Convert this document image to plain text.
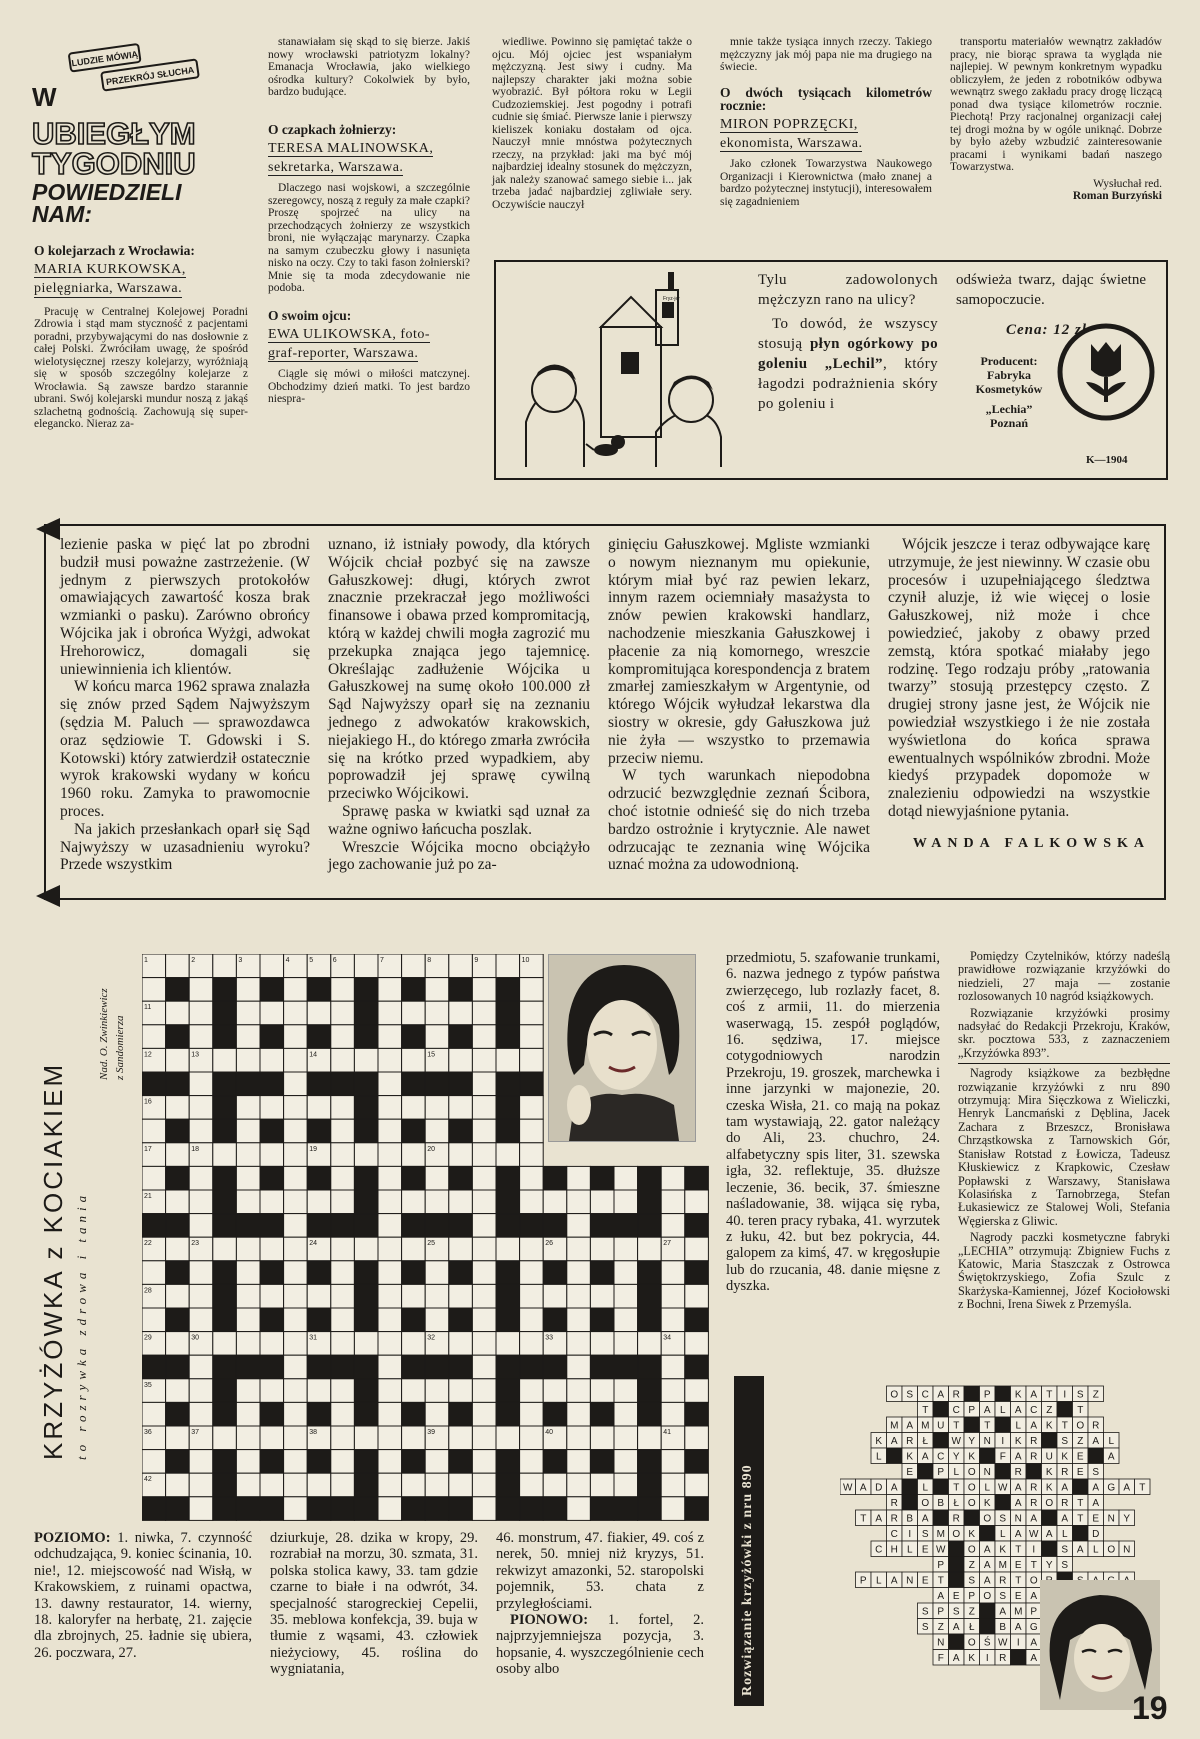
LUDZIE MÓWIĄ
PRZEKRÓJ SŁUCHA
W
UBIEGŁYM
TYGODNIU
POWIEDZIELI
NAM:
O kolejarzach z Wrocławia:
MARIA KURKOWSKA,
pielęgniarka, Warszawa.

Pracuję w Centralnej Kolejowej Poradni Zdrowia i stąd mam styczność z pacjentami poradni, przybywającymi do nas dosłownie z całej Polski. Zwróciłam uwagę, że spośród wielotysięcznej rzeszy kolejarzy, wyróżniają się w sposób szczególny kolejarze z Wrocławia. Są zawsze bardzo starannie ubrani. Swój kolejarski mundur noszą z jakąś szlachetną godnością. Zachowują się super-elegancko. Nieraz za-

stanawiałam się skąd to się bierze. Jakiś nowy wrocławski patriotyzm lokalny? Emanacja Wrocławia, jako wielkiego ośrodka kultury? Cokolwiek by było, bardzo budujące.

O czapkach żołnierzy:
TERESA MALINOWSKA,
sekretarka, Warszawa.

Dlaczego nasi wojskowi, a szczególnie szeregowcy, noszą z reguły za małe czapki? Proszę spojrzeć na ulicy na przechodzących żołnierzy ze wszystkich broni, nie wyłączając marynarzy. Czapka na samym czubeczku głowy i nasunięta nisko na oczy. Czy to taki fason żołnierski? Mnie się ta moda zdecydowanie nie podoba.

O swoim ojcu:
EWA ULIKOWSKA, foto-
graf-reporter, Warszawa.

Ciągle się mówi o miłości matczynej. Obchodzimy dzień matki. To jest bardzo niespra-

wiedliwe. Powinno się pamiętać także o ojcu. Mój ojciec jest wspaniałym mężczyzną. Jest siwy i cudny. Ma najlepszy charakter jaki można sobie wyobrazić. Był półtora roku w Legii Cudzoziemskiej. Jest pogodny i potrafi cudnie się śmiać. Pierwsze lanie i pierwszy kieliszek koniaku dostałam od ojca. Nauczył mnie mnóstwa pożytecznych rzeczy, na przykład: jaki ma być mój najbardziej idealny stosunek do mężczyzn, jak należy szanować samego siebie i... jak trzeba jadać najbardziej zgliwiałe sery. Oczywiście nauczył

mnie także tysiąca innych rzeczy. Takiego mężczyzny jak mój papa nie ma drugiego na świecie.

O dwóch tysiącach kilometrów rocznie:
MIRON POPRZĘCKI,
ekonomista, Warszawa.

Jako członek Towarzystwa Naukowego Organizacji i Kierownictwa (mało znanej a bardzo pożytecznej instytucji), interesowałem się zagadnieniem

transportu materiałów wewnątrz zakładów pracy, nie biorąc sprawa ta wygląda nie najlepiej. W pewnym konkretnym wypadku obliczyłem, że jeden z robotników odbywa wewnątrz swego zakładu pracy drogę liczącą ponad dwa tysiące kilometrów rocznie. Piechotą! Przy racjonalnej organizacji całej tej drogi można by w ogóle uniknąć. Dobrze by było ażeby wzbudzić zainteresowanie pracami i wynikami badań naszego Towarzystwa.

Wysłuchał red.
Roman Burzyński
Fryz-jer
Tylu zadowolonych mężczyzn rano na ulicy?
To dowód, że wszyscy stosują płyn ogórkowy po goleniu „Lechil”, który łagodzi podrażnienia skóry po goleniu i
odświeża twarz, dając świetne samopoczucie.
Cena: 12 zł
Producent:
Fabryka
Kosmetyków
„Lechia”
Poznań
K—1904

lezienie paska w pięć lat po zbrodni budził musi poważne zastrzeżenie. (W jednym z pierwszych protokołów omawiających zawartość kosza brak wzmianki o pasku). Zarówno obrońcy Wójcika jak i obrońca Wyżgi, adwokat Hrehorowicz, domagali się uniewinnienia ich klientów.

W końcu marca 1962 sprawa znalazła się znów przed Sądem Najwyższym (sędzia M. Paluch — sprawozdawca oraz sędziowie T. Gdowski i S. Kotowski) który zatwierdził ostatecznie wyrok krakowski wydany w końcu 1960 roku. Zamyka to prawomocnie proces.

Na jakich przesłankach oparł się Sąd Najwyższy w uzasadnieniu wyroku? Przede wszystkim

uznano, iż istniały powody, dla których Wójcik chciał pozbyć się na zawsze Gałuszkowej: długi, których zwrot znacznie przekraczał jego możliwości finansowe i obawa przed kompromitacją, którą w każdej chwili mogła zagrozić mu przekupka znająca jego tajemnicę. Określając zadłużenie Wójcika u Gałuszkowej na sumę około 100.000 zł Sąd Najwyższy oparł się na zeznaniu jednego z adwokatów krakowskich, niejakiego H., do którego zmarła zwróciła się na krótko przed wypadkiem, aby poprowadził jej sprawę cywilną przeciwko Wójcikowi.

Sprawę paska w kwiatki sąd uznał za ważne ogniwo łańcucha poszlak.

Wreszcie Wójcika mocno obciążyło jego zachowanie już po za-

ginięciu Gałuszkowej. Mgliste wzmianki o nowym nieznanym mu opiekunie, którym miał być raz pewien lekarz, innym razem ociemniały masażysta to znów pewien krakowski handlarz, nachodzenie mieszkania Gałuszkowej i płacenie za nią komornego, wreszcie kompromitująca korespondencja z bratem zmarłej zamieszkałym w Argentynie, od którego Wójcik wyłudzał lekarstwa dla siostry w okresie, gdy Gałuszkowa już nie żyła — wszystko to przemawia przeciw niemu.

W tych warunkach niepodobna odrzucić bezwzględnie zeznań Ścibora, choć istotnie odnieść się do nich trzeba bardzo ostrożnie i krytycznie. Ale nawet odrzucając te zeznania winę Wójcika uznać można za udowodnioną.

Wójcik jeszcze i teraz odbywające karę utrzymuje, że jest niewinny. W czasie obu procesów i uzupełniającego śledztwa czynił aluzje, iż wie więcej o losie Gałuszkowej, niż może i chce powiedzieć, jakoby z obawy przed zemstą, która spotkać miałaby jego rodzinę. Tego rodzaju próby „ratowania twarzy” stosują przestępcy często. Z drugiej strony jasne jest, że Wójcik nie powiedział wszystkiego i że nie została wyświetlona do końca sprawa ewentualnych wspólników zbrodni. Może kiedyś przypadek dopomoże w znalezieniu odpowiedzi na wszystkie dotąd niewyjaśnione pytania.

WANDA FALKOWSKA
KRZYŻÓWKA z KOCIAKIEM to rozrywka zdrowa i tania
Nad. O. Zwinkiewicz z Sandomierza
1	2	3	4	5	6	7	8	9	10
11
12	13	14	15
16
17	18	19	20
21
22	23	24	25	26	27
28
29	30	31	32	33	34
35
36	37	38	39	40	41
42
POZIOMO: 1. niwka, 7. czynność odchudzająca, 9. koniec ścinania, 10. nie!, 12. miejscowość nad Wisłą, w Krakowskiem, z ruinami opactwa, 13. dawny restaurator, 14. wierny, 18. kaloryfer na herbatę, 21. zajęcie dla zbrojnych, 25. ładnie się ubiera, 26. poczwara, 27.
dziurkuje, 28. dzika w kropy, 29. rozrabiał na morzu, 30. szmata, 31. polska stolica kawy, 33. tam gdzie czarne to białe i na odwrót, 34. specjalność starogreckiej Cepelii, 35. meblowa konfekcja, 39. buja w tłumie z wąsami, 43. człowiek nieżyciowy, 45. roślina do wygniatania,
46. monstrum, 47. fiakier, 49. coś z nerek, 50. mniej niż kryzys, 51. rekwizyt amazonki, 52. staropolski pojemnik, 53. chata z przyległościami.
PIONOWO: 1. fortel, 2. najprzyjemniejsza pozycja, 3. hopsanie, 4. wyszczególnienie cech osoby albo
przedmiotu, 5. szafowanie trunkami, 6. nazwa jednego z typów państwa zwierzęcego, lub rozlazły facet, 8. coś z armii, 11. do mierzenia waserwagą, 15. zespół poglądów, 16. sędziwa, 17. miejsce cotygodniowych narodzin Przekroju, 19. groszek, marchewka i inne jarzynki w majonezie, 20. czeska Wisła, 21. co mają na pokaz tam wystawiają, 22. gator należący do Ali, 23. chuchro, 24. alfabetyczny spis liter, 31. szewska igła, 32. reflektuje, 35. dłuższe leczenie, 36. becik, 37. śmieszne naśladowanie, 38. wijąca się ryba, 40. teren pracy rybaka, 41. wyrzutek z łuku, 42. but bez pokrycia, 44. galopem za kimś, 47. w kręgosłupie lub do rzucania, 48. danie mięsne z dyszka.

Pomiędzy Czytelników, którzy nadeślą prawidłowe rozwiązanie krzyżówki do niedzieli, 27 maja — zostanie rozlosowanych 10 nagród książkowych.

Rozwiązanie krzyżówki prosimy nadsyłać do Redakcji Przekroju, Kraków, skr. pocztowa 533, z zaznaczeniem „Krzyżówka 893”.

Nagrody książkowe za bezbłędne rozwiązanie krzyżówki z nru 890 otrzymują: Mira Sięczkowa z Wieliczki, Henryk Lancmański z Dęblina, Jacek Zachara z Brzeszcz, Bronisława Chrząstkowska z Tarnowskich Gór, Stanisław Rotstad z Łowicza, Tadeusz Kłuskiewicz z Krapkowic, Czesław Popławski z Warszawy, Stanisława Kolasińska z Tarnobrzega, Stefan Łukasiewicz ze Stalowej Woli, Stefania Węgierska z Gliwic.

Nagrody paczki kosmetyczne fabryki „LECHIA” otrzymują: Zbigniew Fuchs z Katowic, Maria Staszczak z Ostrowca Świętokrzyskiego, Zofia Szulc z Skarżyska-Kamiennej, Józef Kociołowski z Bochni, Irena Siwek z Przemyśla.

Rozwiązanie krzyżówki z nru 890
O S C A R P K A T I S Z
T C P A L A C Z T
M A M U T T	L A K T O R
K A R Ł W Y N I K R S Z A L
L K A C Y K F A R U K E A
E P L O N R K R E S
W A D A L	T O L W A R K A A G A T
R O B Ł O K A R O R T A
T A R B A R O S N A A T E N Y
C I S M O K L A W A L D
C H L E W O A K T I	S A L O N
P Z A M E T Y S
P L A N E T S A R T O
A E P O S E A
S P S Z A M P
S Z A Ł B A G
N O Ś W I A
F A K I R A
19
